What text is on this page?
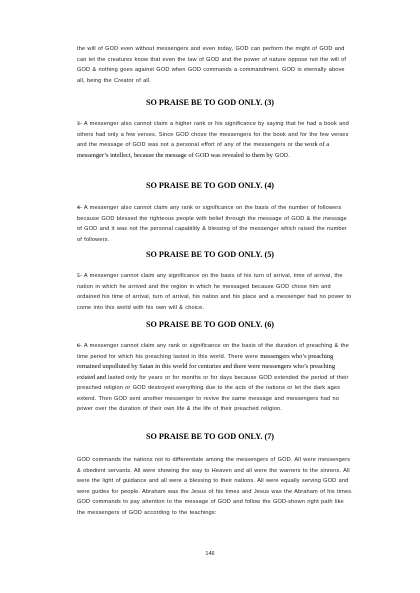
the will of GOD even without messengers and even today, GOD can perform the might of GOD and can let the creatures know that even the law of GOD and the power of nature oppose not the will of GOD & nothing goes against GOD when GOD commands a commandment. GOD is eternally above all, being the Creator of all.
SO PRAISE BE TO GOD ONLY. (3)
3- A messenger also cannot claim a higher rank or his significance by saying that he had a book and others had only a few verses. Since GOD chose the messengers for the book and for the few verses and the message of GOD was not a personal effort of any of the messengers or the work of a messenger’s intellect, because the message of GOD was revealed to them by GOD.
SO PRAISE BE TO GOD ONLY. (4)
4- A messenger also cannot claim any rank or significance on the basis of the number of followers because GOD blessed the righteous people with belief through the message of GOD & the message of GOD and it was not the personal capability & blessing of the messenger which raised the number of followers.
SO PRAISE BE TO GOD ONLY. (5)
5- A messenger cannot claim any significance on the basis of his turn of arrival, time of arrival, the nation in which he arrived and the region in which he messaged because GOD chose him and ordained his time of arrival, turn of arrival, his nation and his place and a messenger had no power to come into this world with his own will & choice.
SO PRAISE BE TO GOD ONLY. (6)
6- A messenger cannot claim any rank or significance on the basis of the duration of preaching & the time period for which his preaching lasted in this world. There were messengers who’s preaching remained unpolluted by Satan in this world for centuries and there were messengers who’s preaching existed and lasted only for years or for months or for days because GOD extended the period of their preached religion or GOD destroyed everything due to the acts of the nations or let the dark ages extend. Then GOD sent another messenger to revive the same message and messengers had no power over the duration of their own life & the life of their preached religion.
SO PRAISE BE TO GOD ONLY. (7)
GOD commands the nations not to differentiate among the messengers of GOD. All were messengers & obedient servants. All were showing the way to Heaven and all were the warners to the sinners. All were the light of guidance and all were a blessing to their nations. All were equally serving GOD and were guides for people. Abraham was the Jesus of his times and Jesus was the Abraham of his times. GOD commands to pay attention to the message of GOD and follow the GOD-shown right path like the messengers of GOD according to the teachings:
146
